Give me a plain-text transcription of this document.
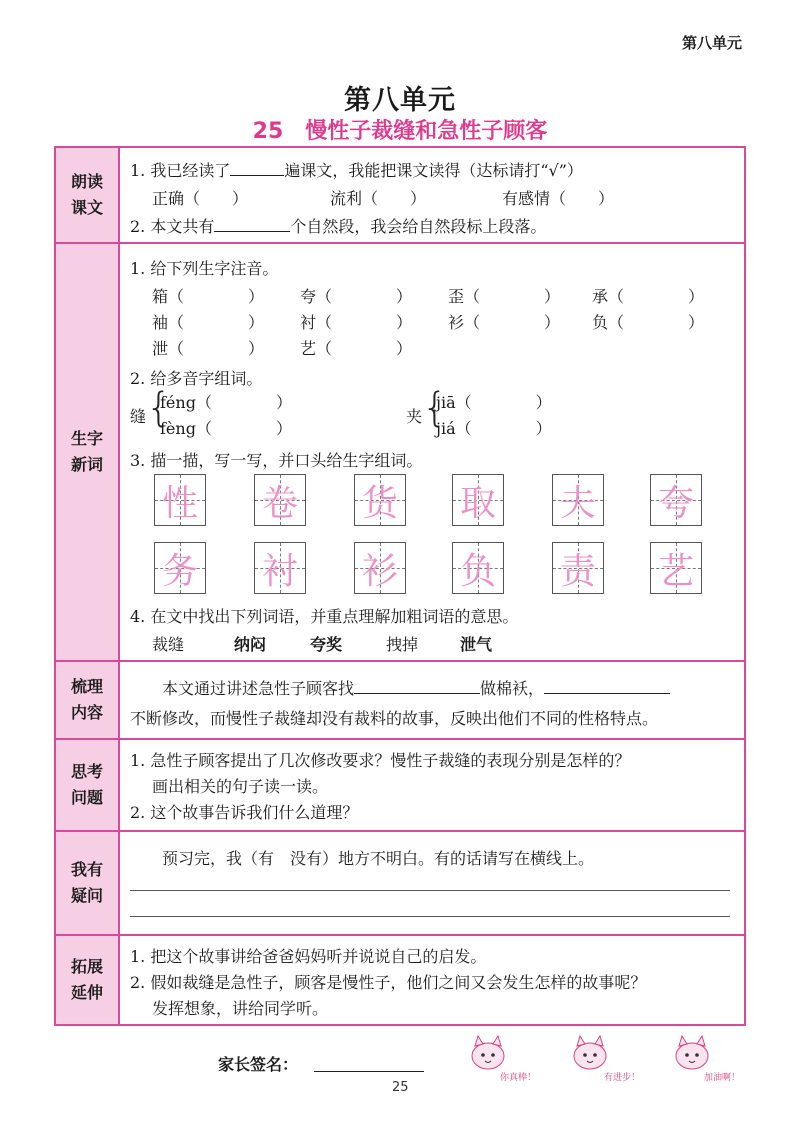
第八单元
第八单元
25 慢性子裁缝和急性子顾客
朗读
课文
1. 我已经读了	遍课文，我能把课文读得（达标请打“√”）
正确（　　）	流利（　　）	有感情（　　）
2. 本文共有	个自然段，我会给自然段标上段落。
生字
新词
1. 给下列生字注音。
箱（　　　　） 夸（　　　　） 歪（　　　　） 承（　　　　）
袖（　　　　） 衬（　　　　） 衫（　　　　） 负（　　　　）
泄（　　　　） 艺（　　　　）
2. 给多音字组词。
缝 {
féng（　　　　）
fèng（　　　　）
夹 {
jiā（　　　　）
jiá（　　　　）
3. 描一描，写一写，并口头给生字组词。
性 卷 货 取 夫 夸
务 衬 衫 负 责 艺
4. 在文中找出下列词语，并重点理解加粗词语的意思。
裁缝	纳闷	夸奖	拽掉	泄气
梳理
内容
本文通过讲述急性子顾客找	做棉袄，
不断修改，而慢性子裁缝却没有裁料的故事，反映出他们不同的性格特点。
思考
问题
1. 急性子顾客提出了几次修改要求？慢性子裁缝的表现分别是怎样的？
画出相关的句子读一读。
2. 这个故事告诉我们什么道理？
我有
疑问
预习完，我（有　没有）地方不明白。有的话请写在横线上。
拓展
延伸
1. 把这个故事讲给爸爸妈妈听并说说自己的启发。
2. 假如裁缝是急性子，顾客是慢性子，他们之间又会发生怎样的故事呢？
发挥想象，讲给同学听。
家长签名：
25
你真棒！	有进步！	加油啊！
